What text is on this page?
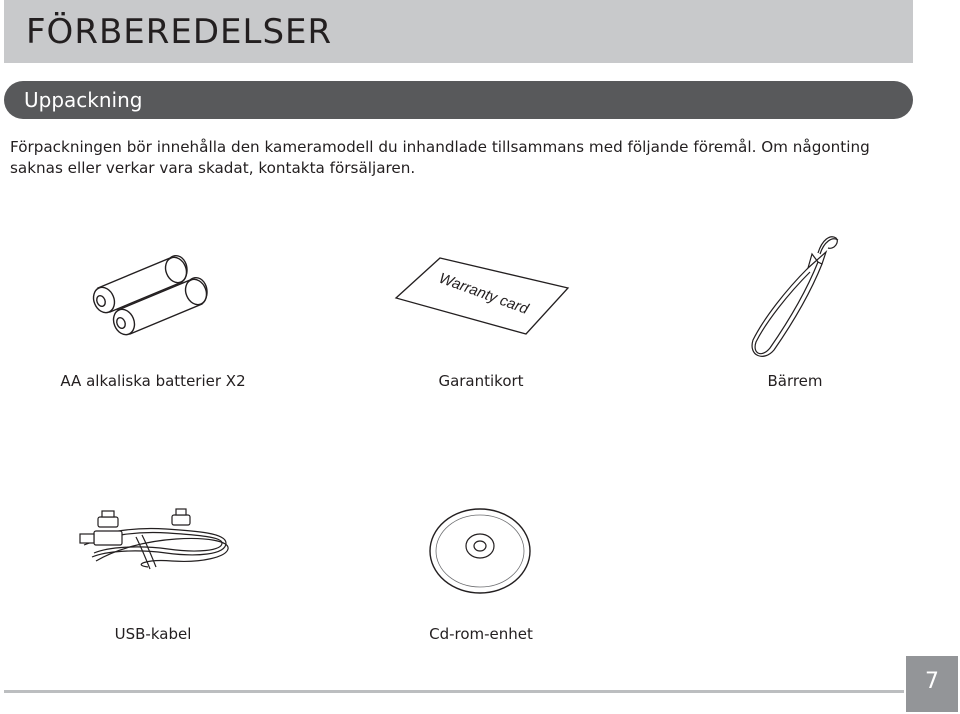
FÖRBEREDELSER
Uppackning

Förpackningen bör innehålla den kameramodell du inhandlade tillsammans med följande föremål. Om någonting saknas eller verkar vara skadat, kontakta försäljaren.

Warranty card
AA alkaliska batterier X2	Garantikort	Bärrem
USB-kabel	Cd-rom-enhet
7
